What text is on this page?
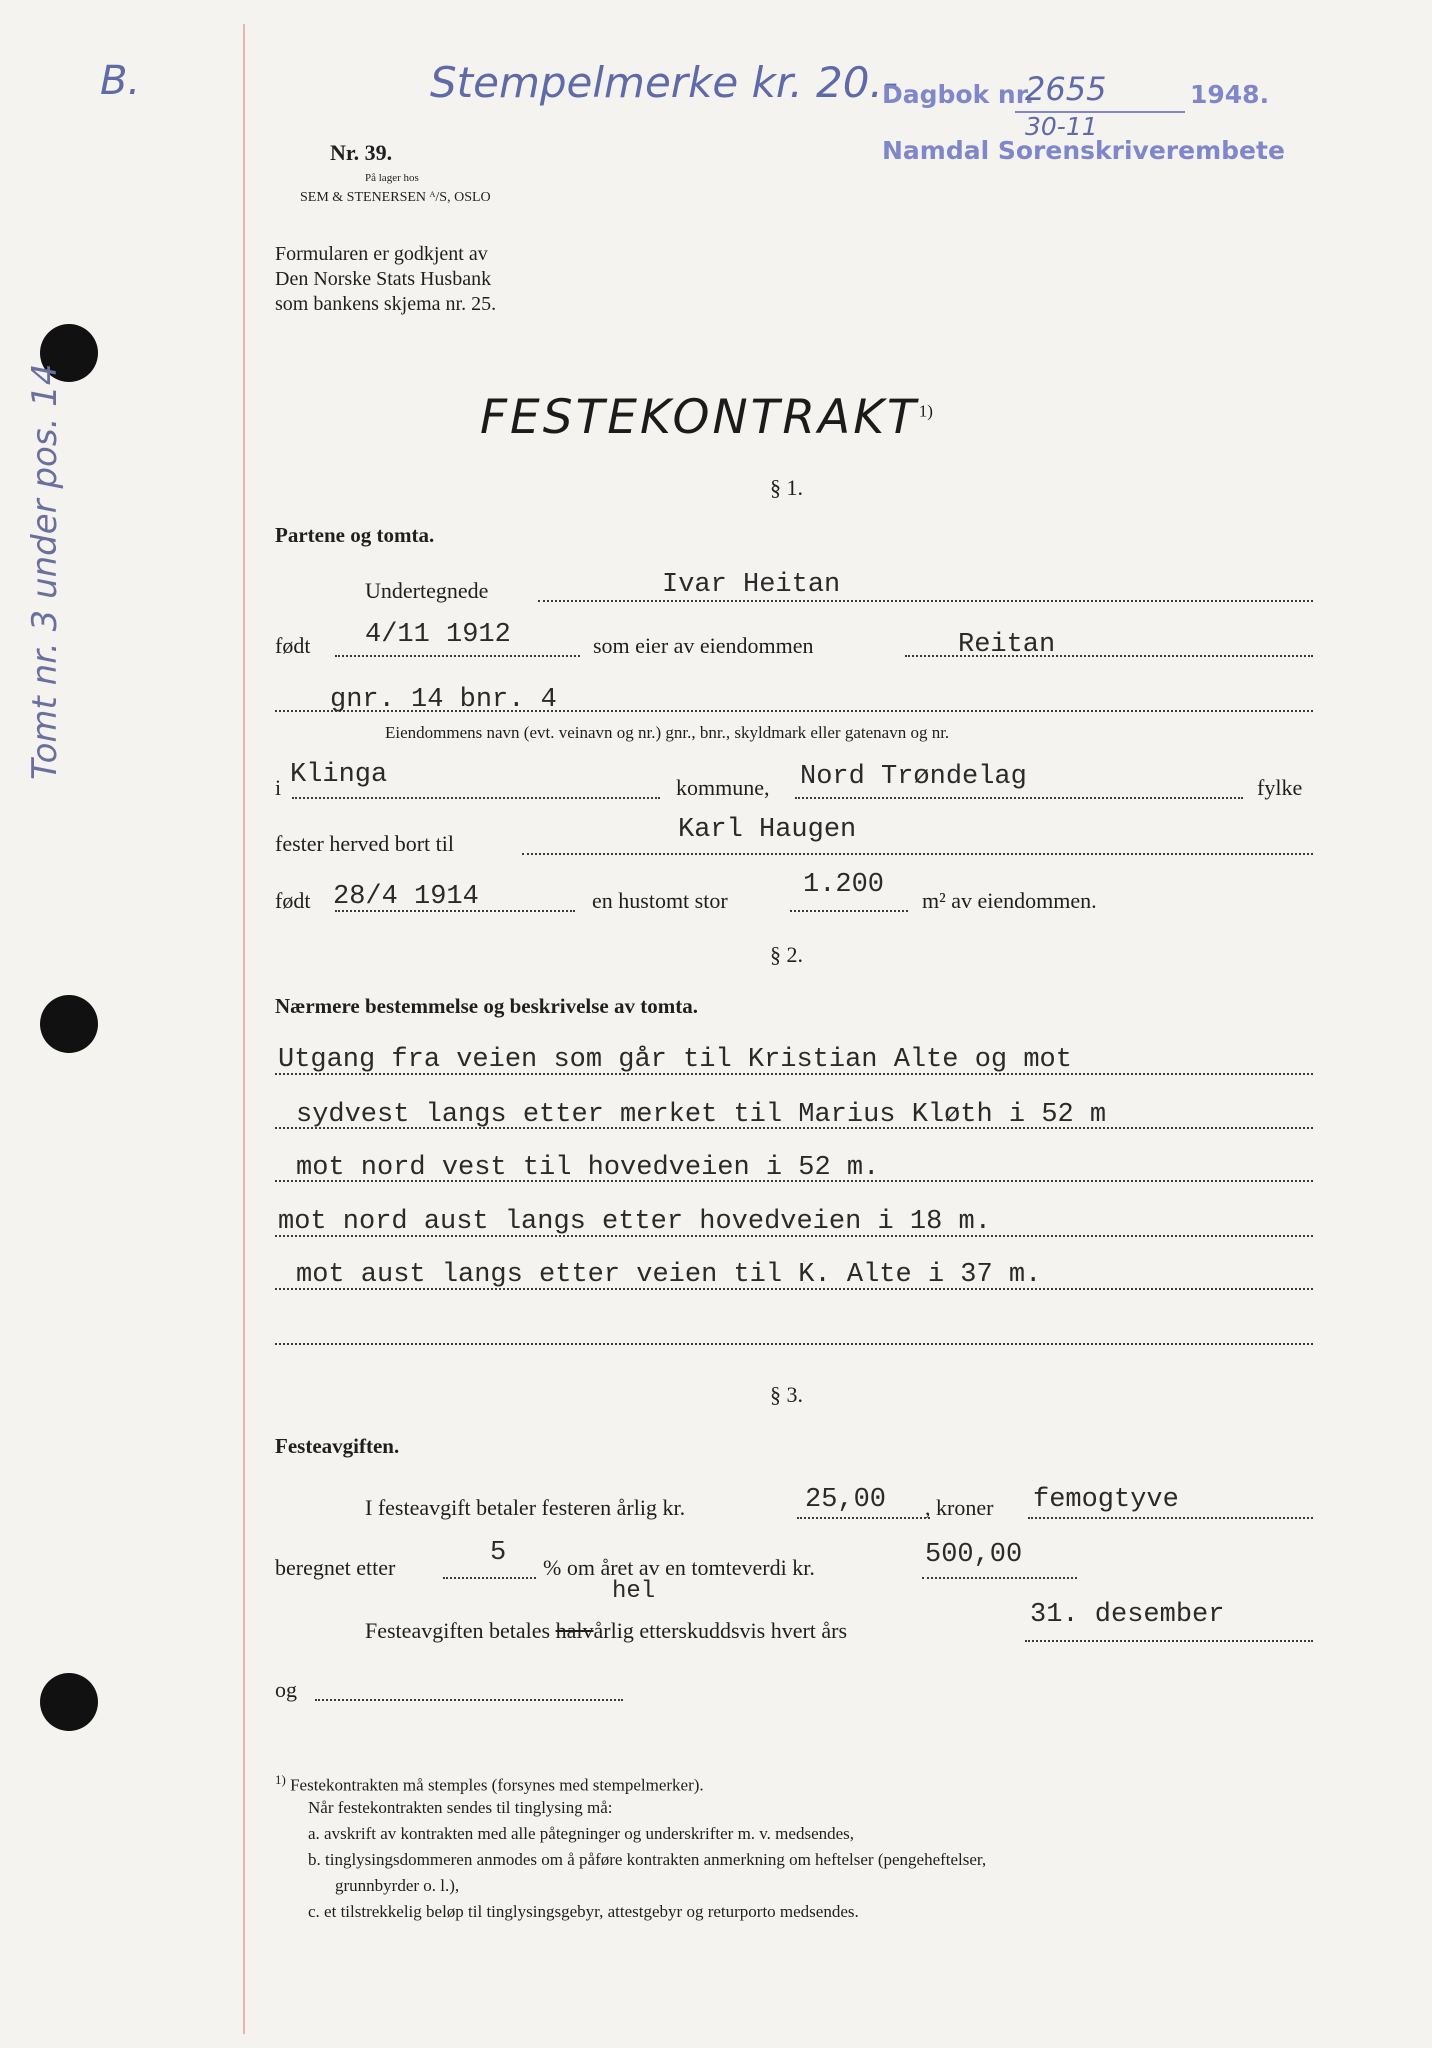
B.	Stempelmerke kr. 20.-
Dagbok nr.
2655	1948.
30-11
Namdal Sorenskriverembete
Nr. 39.
På lager hos
SEM & STENERSEN ᴬ/S, OSLO
Formularen er godkjent av
Den Norske Stats Husbank
som bankens skjema nr. 25.
FESTEKONTRAKT$^{1)}$
Tomt nr. 3 under pos. 14	§ 1.
Partene og tomta.
Undertegnede	Ivar Heitan
født 4/11 1912	som eier av eiendommen	Reitan
gnr. 14 bnr. 4
Eiendommens navn (evt. veinavn og nr.) gnr., bnr., skyldmark eller gatenavn og nr.
i Klinga	kommune, Nord Trøndelag	fylke
fester herved bort til	Karl Haugen
født 28/4 1914	en hustomt stor
1.200
m² av eiendommen.
§ 2.
Nærmere bestemmelse og beskrivelse av tomta.
Utgang fra veien som går til Kristian Alte og mot
sydvest langs etter merket til Marius Kløth i 52 m
mot nord vest til hovedveien i 52 m.
mot nord aust langs etter hovedveien i 18 m.
mot aust langs etter veien til K. Alte i 37 m.
§ 3.
Festeavgiften.
I festeavgift betaler festeren årlig kr.	25,00 , kroner femogtyve
beregnet etter	5 % om året av en tomteverdi kr.	500,00
hel
Festeavgiften betales halvårlig etterskuddsvis hvert års
31. desember
og
$^{1)}$ Festekontrakten må stemples (forsynes med stempelmerker).
Når festekontrakten sendes til tinglysing må:
a. avskrift av kontrakten med alle påtegninger og underskrifter m. v. medsendes,
b. tinglysingsdommeren anmodes om å påføre kontrakten anmerkning om heftelser (pengeheftelser,
grunnbyrder o. l.),
c. et tilstrekkelig beløp til tinglysingsgebyr, attestgebyr og returporto medsendes.
